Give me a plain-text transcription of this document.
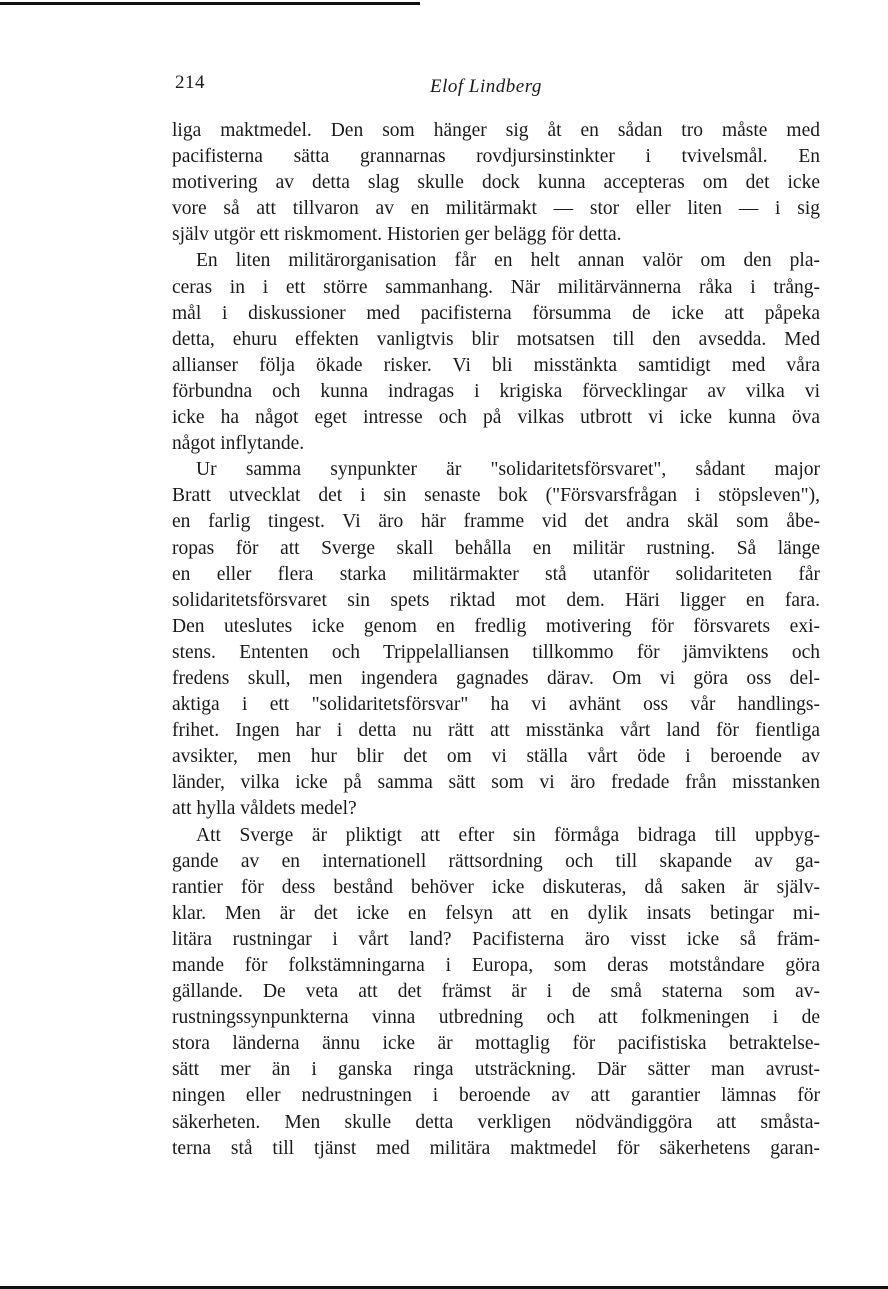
214	Elof Lindberg
liga maktmedel. Den som hänger sig åt en sådan tro måste med
pacifisterna sätta grannarnas rovdjursinstinkter i tvivelsmål. En
motivering av detta slag skulle dock kunna accepteras om det icke
vore så att tillvaron av en militärmakt — stor eller liten — i sig
själv utgör ett riskmoment. Historien ger belägg för detta.
En liten militärorganisation får en helt annan valör om den pla-
ceras in i ett större sammanhang. När militärvännerna råka i trång-
mål i diskussioner med pacifisterna försumma de icke att påpeka
detta, ehuru effekten vanligtvis blir motsatsen till den avsedda. Med
allianser följa ökade risker. Vi bli misstänkta samtidigt med våra
förbundna och kunna indragas i krigiska förvecklingar av vilka vi
icke ha något eget intresse och på vilkas utbrott vi icke kunna öva
något inflytande.
Ur samma synpunkter är "solidaritetsförsvaret", sådant major
Bratt utvecklat det i sin senaste bok ("Försvarsfrågan i stöpsleven"),
en farlig tingest. Vi äro här framme vid det andra skäl som åbe-
ropas för att Sverge skall behålla en militär rustning. Så länge
en eller flera starka militärmakter stå utanför solidariteten får
solidaritetsförsvaret sin spets riktad mot dem. Häri ligger en fara.
Den uteslutes icke genom en fredlig motivering för försvarets exi-
stens. Ententen och Trippelalliansen tillkommo för jämviktens och
fredens skull, men ingendera gagnades därav. Om vi göra oss del-
aktiga i ett "solidaritetsförsvar" ha vi avhänt oss vår handlings-
frihet. Ingen har i detta nu rätt att misstänka vårt land för fientliga
avsikter, men hur blir det om vi ställa vårt öde i beroende av
länder, vilka icke på samma sätt som vi äro fredade från misstanken
att hylla våldets medel?
Att Sverge är pliktigt att efter sin förmåga bidraga till uppbyg-
gande av en internationell rättsordning och till skapande av ga-
rantier för dess bestånd behöver icke diskuteras, då saken är själv-
klar. Men är det icke en felsyn att en dylik insats betingar mi-
litära rustningar i vårt land? Pacifisterna äro visst icke så främ-
mande för folkstämningarna i Europa, som deras motståndare göra
gällande. De veta att det främst är i de små staterna som av-
rustningssynpunkterna vinna utbredning och att folkmeningen i de
stora länderna ännu icke är mottaglig för pacifistiska betraktelse-
sätt mer än i ganska ringa utsträckning. Där sätter man avrust-
ningen eller nedrustningen i beroende av att garantier lämnas för
säkerheten. Men skulle detta verkligen nödvändiggöra att småsta-
terna stå till tjänst med militära maktmedel för säkerhetens garan-
